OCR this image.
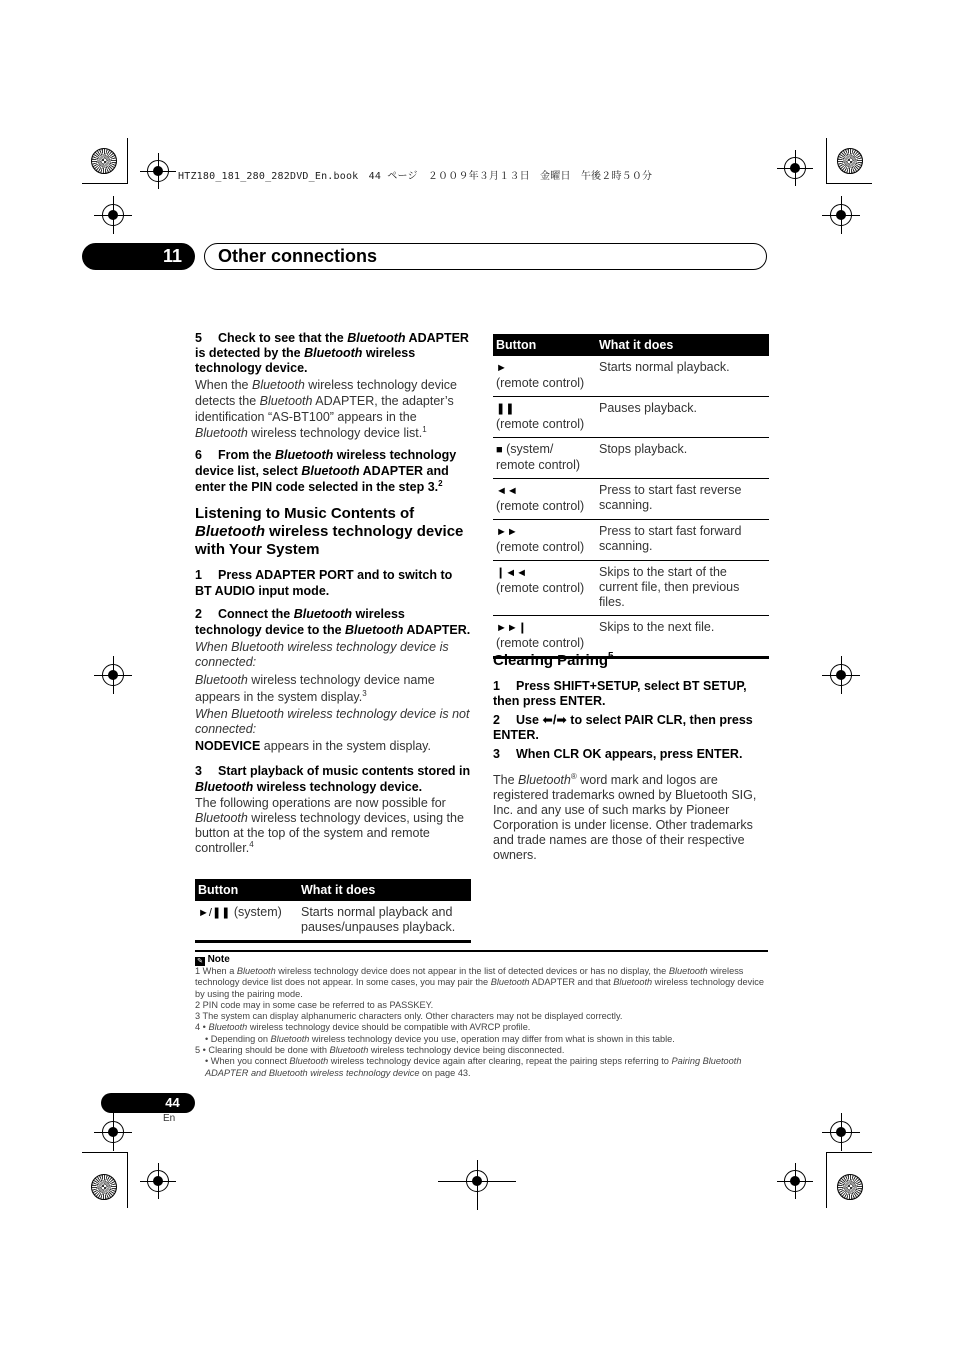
HTZ180_181_280_282DVD_En.book　44 ページ　２００９年３月１３日　金曜日　午後２時５０分
11	Other connections

5 Check to see that the Bluetooth ADAPTER is detected by the Bluetooth wireless technology device.

When the Bluetooth wireless technology device detects the Bluetooth ADAPTER, the adapter’s identification “AS-BT100” appears in the Bluetooth wireless technology device list.$^1$

6 From the Bluetooth wireless technology device list, select Bluetooth ADAPTER and enter the PIN code selected in the step 3.$^2$

Listening to Music Contents of Bluetooth wireless technology device with Your System

1 Press ADAPTER PORT and to switch to BT AUDIO input mode.

2 Connect the Bluetooth wireless technology device to the Bluetooth ADAPTER.

When Bluetooth wireless technology device is connected:

Bluetooth wireless technology device name appears in the system display.$^3$

When Bluetooth wireless technology device is not connected:

NODEVICE appears in the system display.

3 Start playback of music contents stored in Bluetooth wireless technology device.

The following operations are now possible for Bluetooth wireless technology devices, using the button at the top of the system and remote controller.$^4$

Button	What it does
►/❚❚ (system)	Starts normal playback and pauses/unpauses playback.
Button	What it does
►
(remote control)	Starts normal playback.
❚❚
(remote control)	Pauses playback.
■ (system/ remote control)	Stops playback.
◄◄
(remote control)	Press to start fast reverse scanning.
►►
(remote control)	Press to start fast forward scanning.
❙◄◄
(remote control)	Skips to the start of the current file, then previous files.
►►❙
(remote control)	Skips to the next file.

Clearing Pairing$^5$

1 Press SHIFT+SETUP, select BT SETUP, then press ENTER.

2 Use ⬅/➡ to select PAIR CLR, then press ENTER.

3 When CLR OK appears, press ENTER.

The Bluetooth® word mark and logos are registered trademarks owned by Bluetooth SIG, Inc. and any use of such marks by Pioneer Corporation is under license. Other trademarks and trade names are those of their respective owners.

✎ Note

1 When a Bluetooth wireless technology device does not appear in the list of detected devices or has no display, the Bluetooth wireless technology device list does not appear. In some cases, you may pair the Bluetooth ADAPTER and that Bluetooth wireless technology device by using the pairing mode.

2 PIN code may in some case be referred to as PASSKEY.

3 The system can display alphanumeric characters only. Other characters may not be displayed correctly.

4 • Bluetooth wireless technology device should be compatible with AVRCP profile.

• Depending on Bluetooth wireless technology device you use, operation may differ from what is shown in this table.

5 • Clearing should be done with Bluetooth wireless technology device being disconnected.

• When you connect Bluetooth wireless technology device again after clearing, repeat the pairing steps referring to Pairing Bluetooth ADAPTER and Bluetooth wireless technology device on page 43.

44
En
